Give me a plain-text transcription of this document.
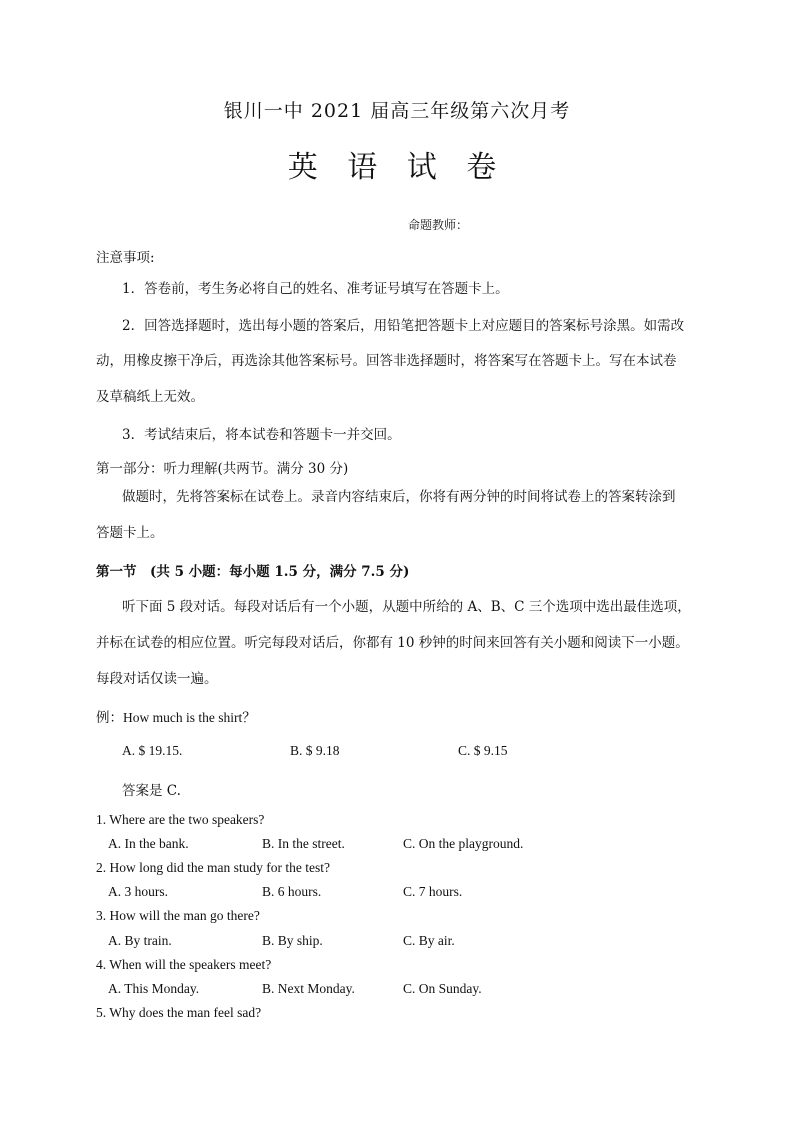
银川一中 2021 届高三年级第六次月考
英 语 试 卷
命题教师：
注意事项:
1．答卷前，考生务必将自己的姓名、准考证号填写在答题卡上。
2．回答选择题时，选出每小题的答案后，用铅笔把答题卡上对应题目的答案标号涂黑。如需改
动，用橡皮擦干净后，再选涂其他答案标号。回答非选择题时，将答案写在答题卡上。写在本试卷
及草稿纸上无效。
3．考试结束后，将本试卷和答题卡一并交回。
第一部分：听力理解(共两节。满分 30 分)
做题时，先将答案标在试卷上。录音内容结束后，你将有两分钟的时间将试卷上的答案转涂到
答题卡上。
第一节　(共 5 小题：每小题 1.5 分，满分 7.5 分)
听下面 5 段对话。每段对话后有一个小题，从题中所给的 A、B、C 三个选项中选出最佳选项，
并标在试卷的相应位置。听完每段对话后，你都有 10 秒钟的时间来回答有关小题和阅读下一小题。
每段对话仅读一遍。
例：How much is the shirt？
A. $ 19.15.	B. $ 9.18	C. $ 9.15
答案是 C.
1. Where are the two speakers?
A. In the bank.	B. In the street.	C. On the playground.
2. How long did the man study for the test?
A. 3 hours.	B. 6 hours.	C. 7 hours.
3. How will the man go there?
A. By train.	B. By ship.	C. By air.
4. When will the speakers meet?
A. This Monday.	B. Next Monday.	C. On Sunday.
5. Why does the man feel sad?
